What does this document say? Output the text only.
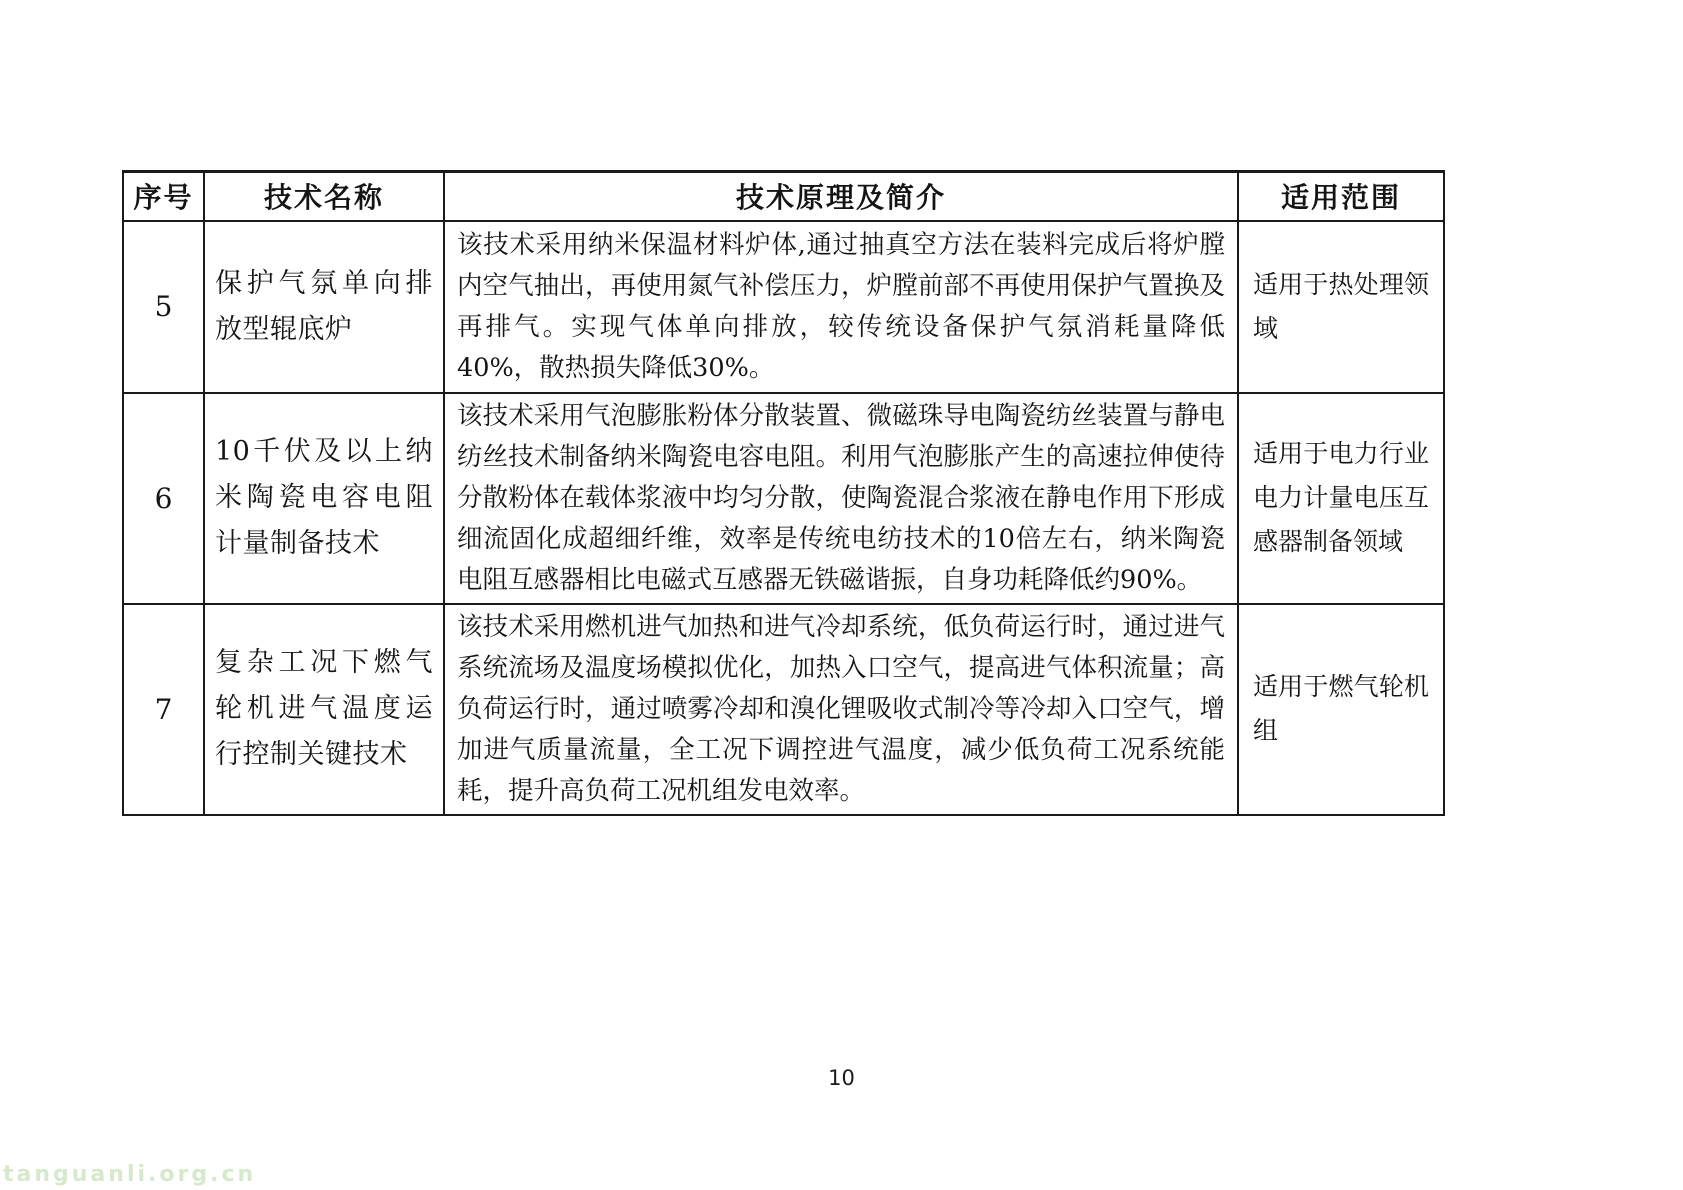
序号	技术名称	技术原理及简介	适用范围
5	保护气氛单向排放型辊底炉	该技术采用纳米保温材料炉体,通过抽真空方法在装料完成后将炉膛内空气抽出，再使用氮气补偿压力，炉膛前部不再使用保护气置换及再排气。实现气体单向排放，较传统设备保护气氛消耗量降低40%，散热损失降低30%。	适用于热处理领域
6	10千伏及以上纳米陶瓷电容电阻计量制备技术	该技术采用气泡膨胀粉体分散装置、微磁珠导电陶瓷纺丝装置与静电纺丝技术制备纳米陶瓷电容电阻。利用气泡膨胀产生的高速拉伸使待分散粉体在载体浆液中均匀分散，使陶瓷混合浆液在静电作用下形成细流固化成超细纤维，效率是传统电纺技术的10倍左右，纳米陶瓷电阻互感器相比电磁式互感器无铁磁谐振，自身功耗降低约90%。	适用于电力行业电力计量电压互感器制备领域
7	复杂工况下燃气轮机进气温度运行控制关键技术	该技术采用燃机进气加热和进气冷却系统，低负荷运行时，通过进气系统流场及温度场模拟优化，加热入口空气，提高进气体积流量；高负荷运行时，通过喷雾冷却和溴化锂吸收式制冷等冷却入口空气，增加进气质量流量，全工况下调控进气温度，减少低负荷工况系统能耗，提升高负荷工况机组发电效率。	适用于燃气轮机组
10
tanguanli.org.cn
